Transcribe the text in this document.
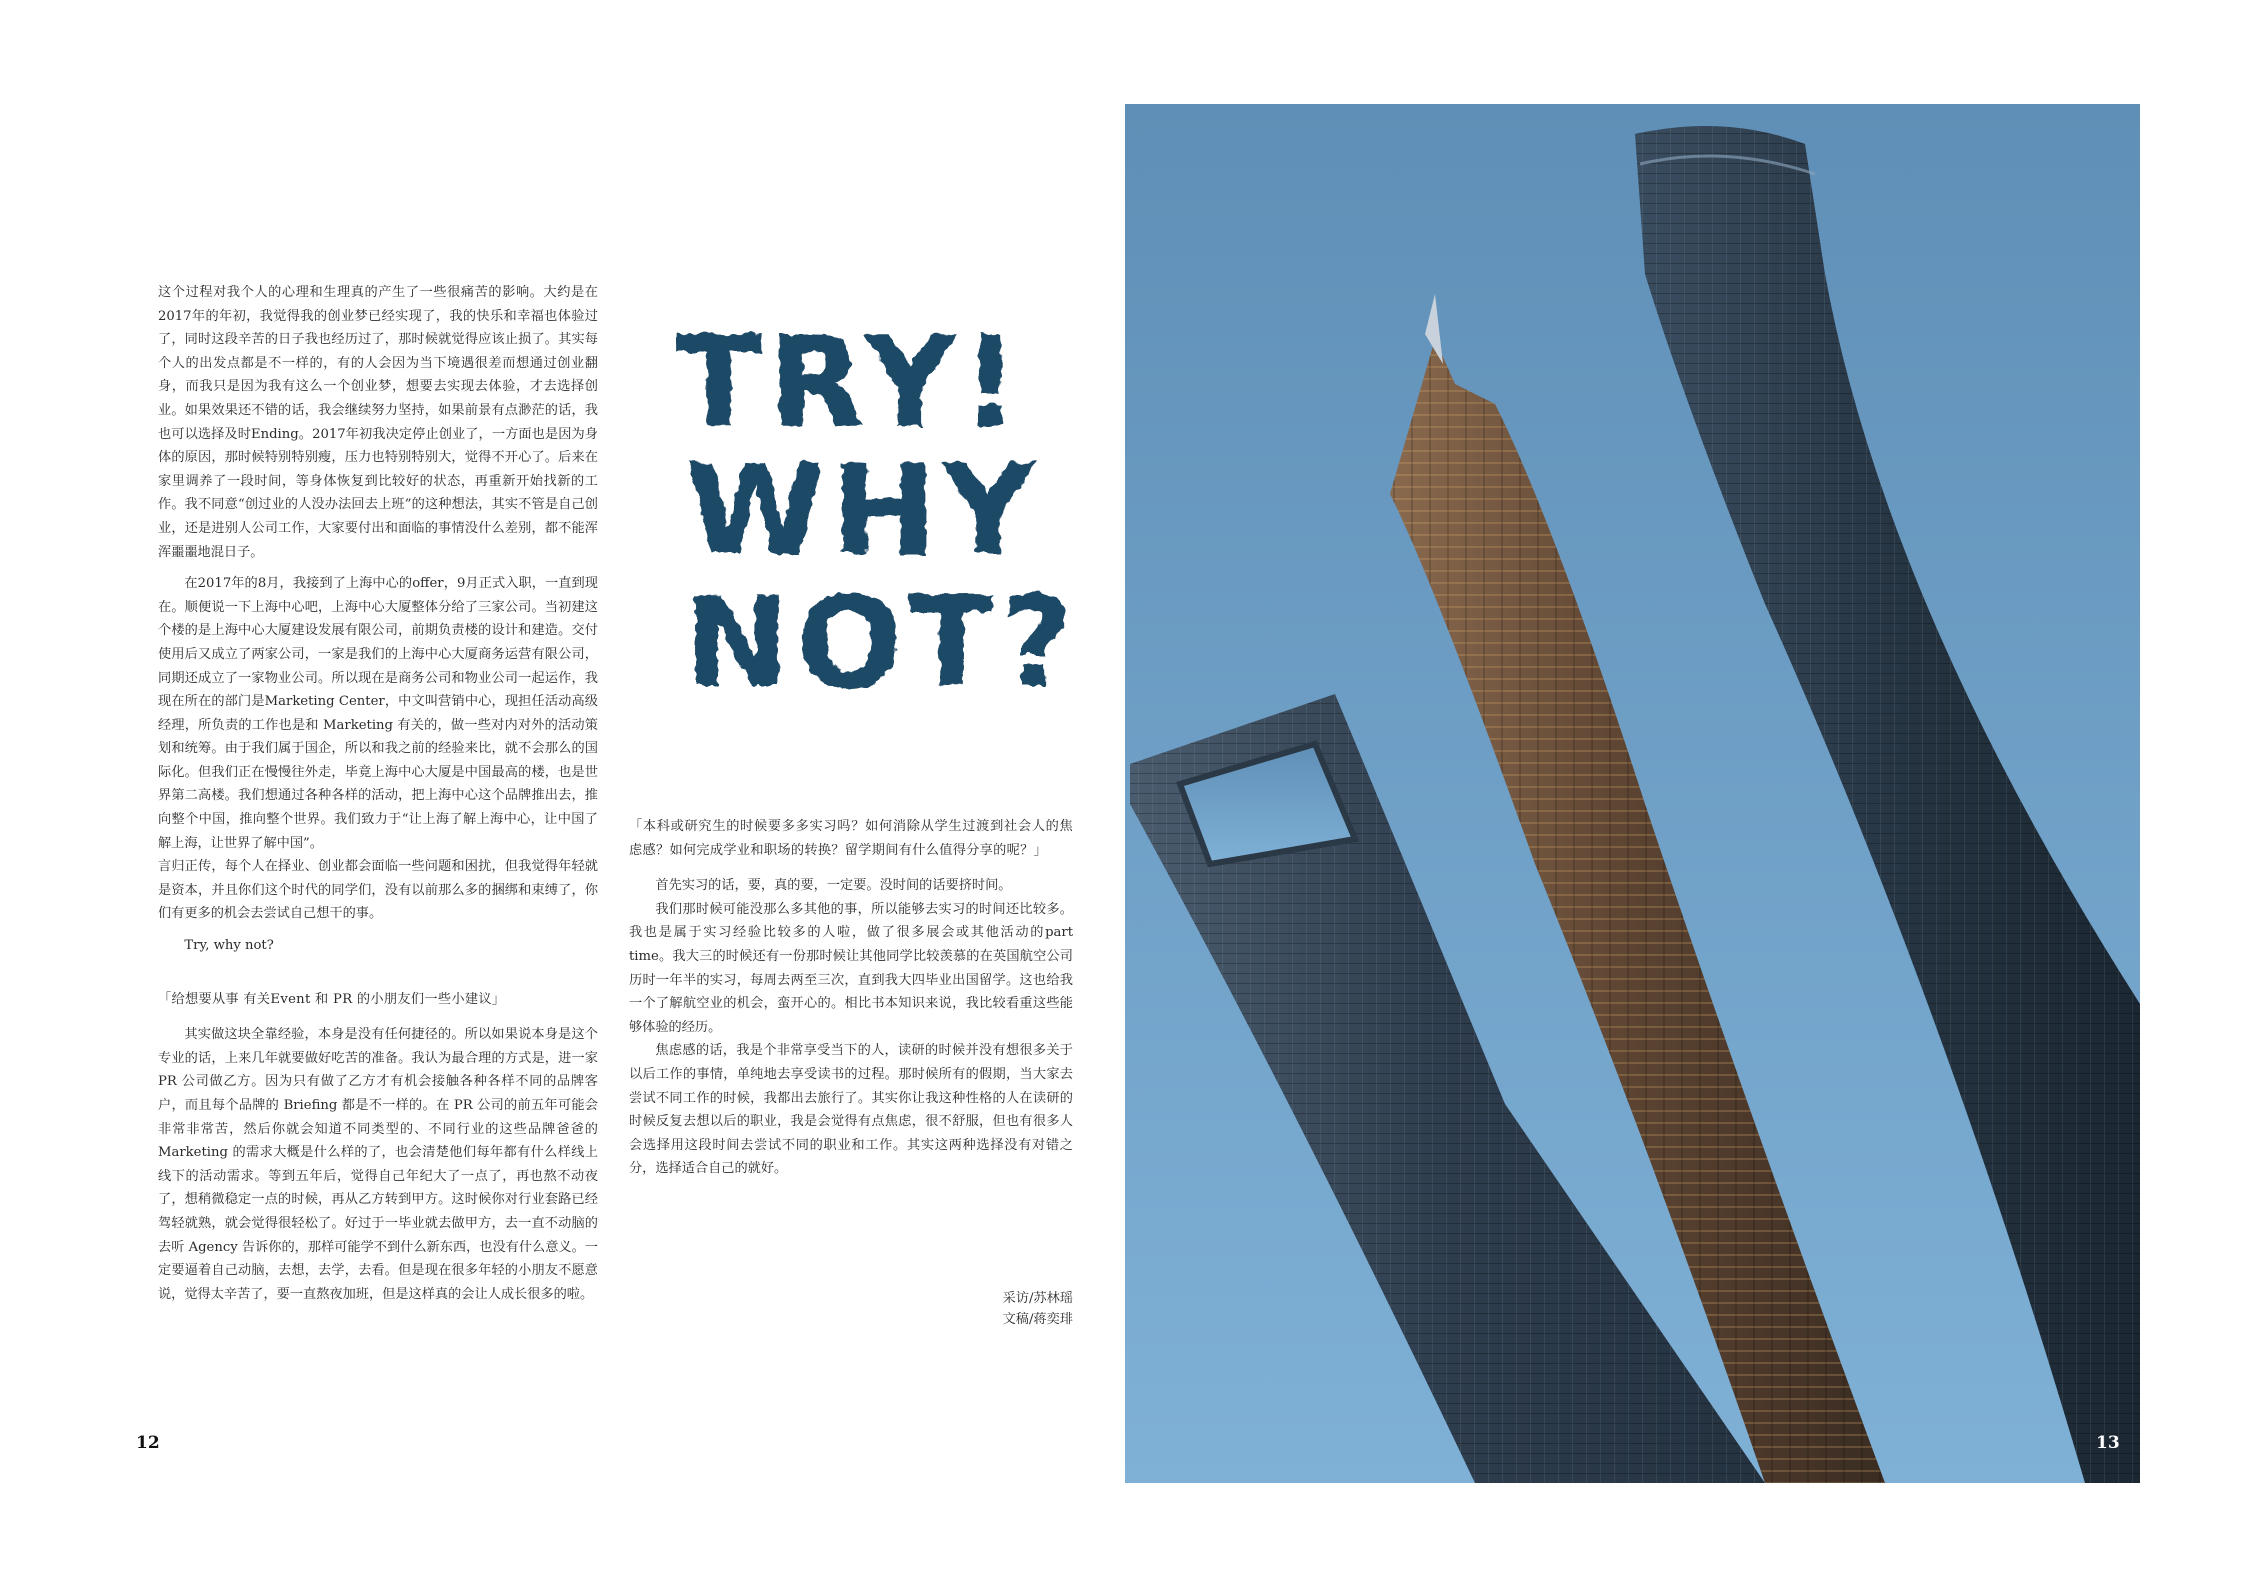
这个过程对我个人的心理和生理真的产生了一些很痛苦的影响。大约是在2017年的年初，我觉得我的创业梦已经实现了，我的快乐和幸福也体验过了，同时这段辛苦的日子我也经历过了，那时候就觉得应该止损了。其实每个人的出发点都是不一样的，有的人会因为当下境遇很差而想通过创业翻身，而我只是因为我有这么一个创业梦，想要去实现去体验，才去选择创业。如果效果还不错的话，我会继续努力坚持，如果前景有点渺茫的话，我也可以选择及时Ending。2017年初我决定停止创业了，一方面也是因为身体的原因，那时候特别特别瘦，压力也特别特别大，觉得不开心了。后来在家里调养了一段时间，等身体恢复到比较好的状态，再重新开始找新的工作。我不同意“创过业的人没办法回去上班”的这种想法，其实不管是自己创业，还是进别人公司工作，大家要付出和面临的事情没什么差别，都不能浑浑噩噩地混日子。

在2017年的8月，我接到了上海中心的offer，9月正式入职，一直到现在。顺便说一下上海中心吧，上海中心大厦整体分给了三家公司。当初建这个楼的是上海中心大厦建设发展有限公司，前期负责楼的设计和建造。交付使用后又成立了两家公司，一家是我们的上海中心大厦商务运营有限公司，同期还成立了一家物业公司。所以现在是商务公司和物业公司一起运作，我现在所在的部门是Marketing Center，中文叫营销中心，现担任活动高级经理，所负责的工作也是和 Marketing 有关的，做一些对内对外的活动策划和统筹。由于我们属于国企，所以和我之前的经验来比，就不会那么的国际化。但我们正在慢慢往外走，毕竟上海中心大厦是中国最高的楼，也是世界第二高楼。我们想通过各种各样的活动，把上海中心这个品牌推出去，推向整个中国，推向整个世界。我们致力于“让上海了解上海中心，让中国了解上海，让世界了解中国”。

言归正传，每个人在择业、创业都会面临一些问题和困扰，但我觉得年轻就是资本，并且你们这个时代的同学们，没有以前那么多的捆绑和束缚了，你们有更多的机会去尝试自己想干的事。

Try, why not?

「给想要从事 有关Event 和 PR 的小朋友们一些小建议」

其实做这块全靠经验，本身是没有任何捷径的。所以如果说本身是这个专业的话，上来几年就要做好吃苦的准备。我认为最合理的方式是，进一家 PR 公司做乙方。因为只有做了乙方才有机会接触各种各样不同的品牌客户，而且每个品牌的 Briefing 都是不一样的。在 PR 公司的前五年可能会非常非常苦，然后你就会知道不同类型的、不同行业的这些品牌爸爸的 Marketing 的需求大概是什么样的了，也会清楚他们每年都有什么样线上线下的活动需求。等到五年后，觉得自己年纪大了一点了，再也熬不动夜了，想稍微稳定一点的时候，再从乙方转到甲方。这时候你对行业套路已经驾轻就熟，就会觉得很轻松了。好过于一毕业就去做甲方，去一直不动脑的去听 Agency 告诉你的，那样可能学不到什么新东西，也没有什么意义。一定要逼着自己动脑，去想，去学，去看。但是现在很多年轻的小朋友不愿意说，觉得太辛苦了，要一直熬夜加班，但是这样真的会让人成长很多的啦。

12
TRY!
WHY
NOT?

「本科或研究生的时候要多多实习吗？如何消除从学生过渡到社会人的焦虑感？如何完成学业和职场的转换？留学期间有什么值得分享的呢？」

首先实习的话，要，真的要，一定要。没时间的话要挤时间。

我们那时候可能没那么多其他的事，所以能够去实习的时间还比较多。我也是属于实习经验比较多的人啦，做了很多展会或其他活动的part time。我大三的时候还有一份那时候让其他同学比较羡慕的在英国航空公司历时一年半的实习，每周去两至三次，直到我大四毕业出国留学。这也给我一个了解航空业的机会，蛮开心的。相比书本知识来说，我比较看重这些能够体验的经历。

焦虑感的话，我是个非常享受当下的人，读研的时候并没有想很多关于以后工作的事情，单纯地去享受读书的过程。那时候所有的假期，当大家去尝试不同工作的时候，我都出去旅行了。其实你让我这种性格的人在读研的时候反复去想以后的职业，我是会觉得有点焦虑，很不舒服，但也有很多人会选择用这段时间去尝试不同的职业和工作。其实这两种选择没有对错之分，选择适合自己的就好。

采访/苏林瑶
文稿/蒋奕琲
13
